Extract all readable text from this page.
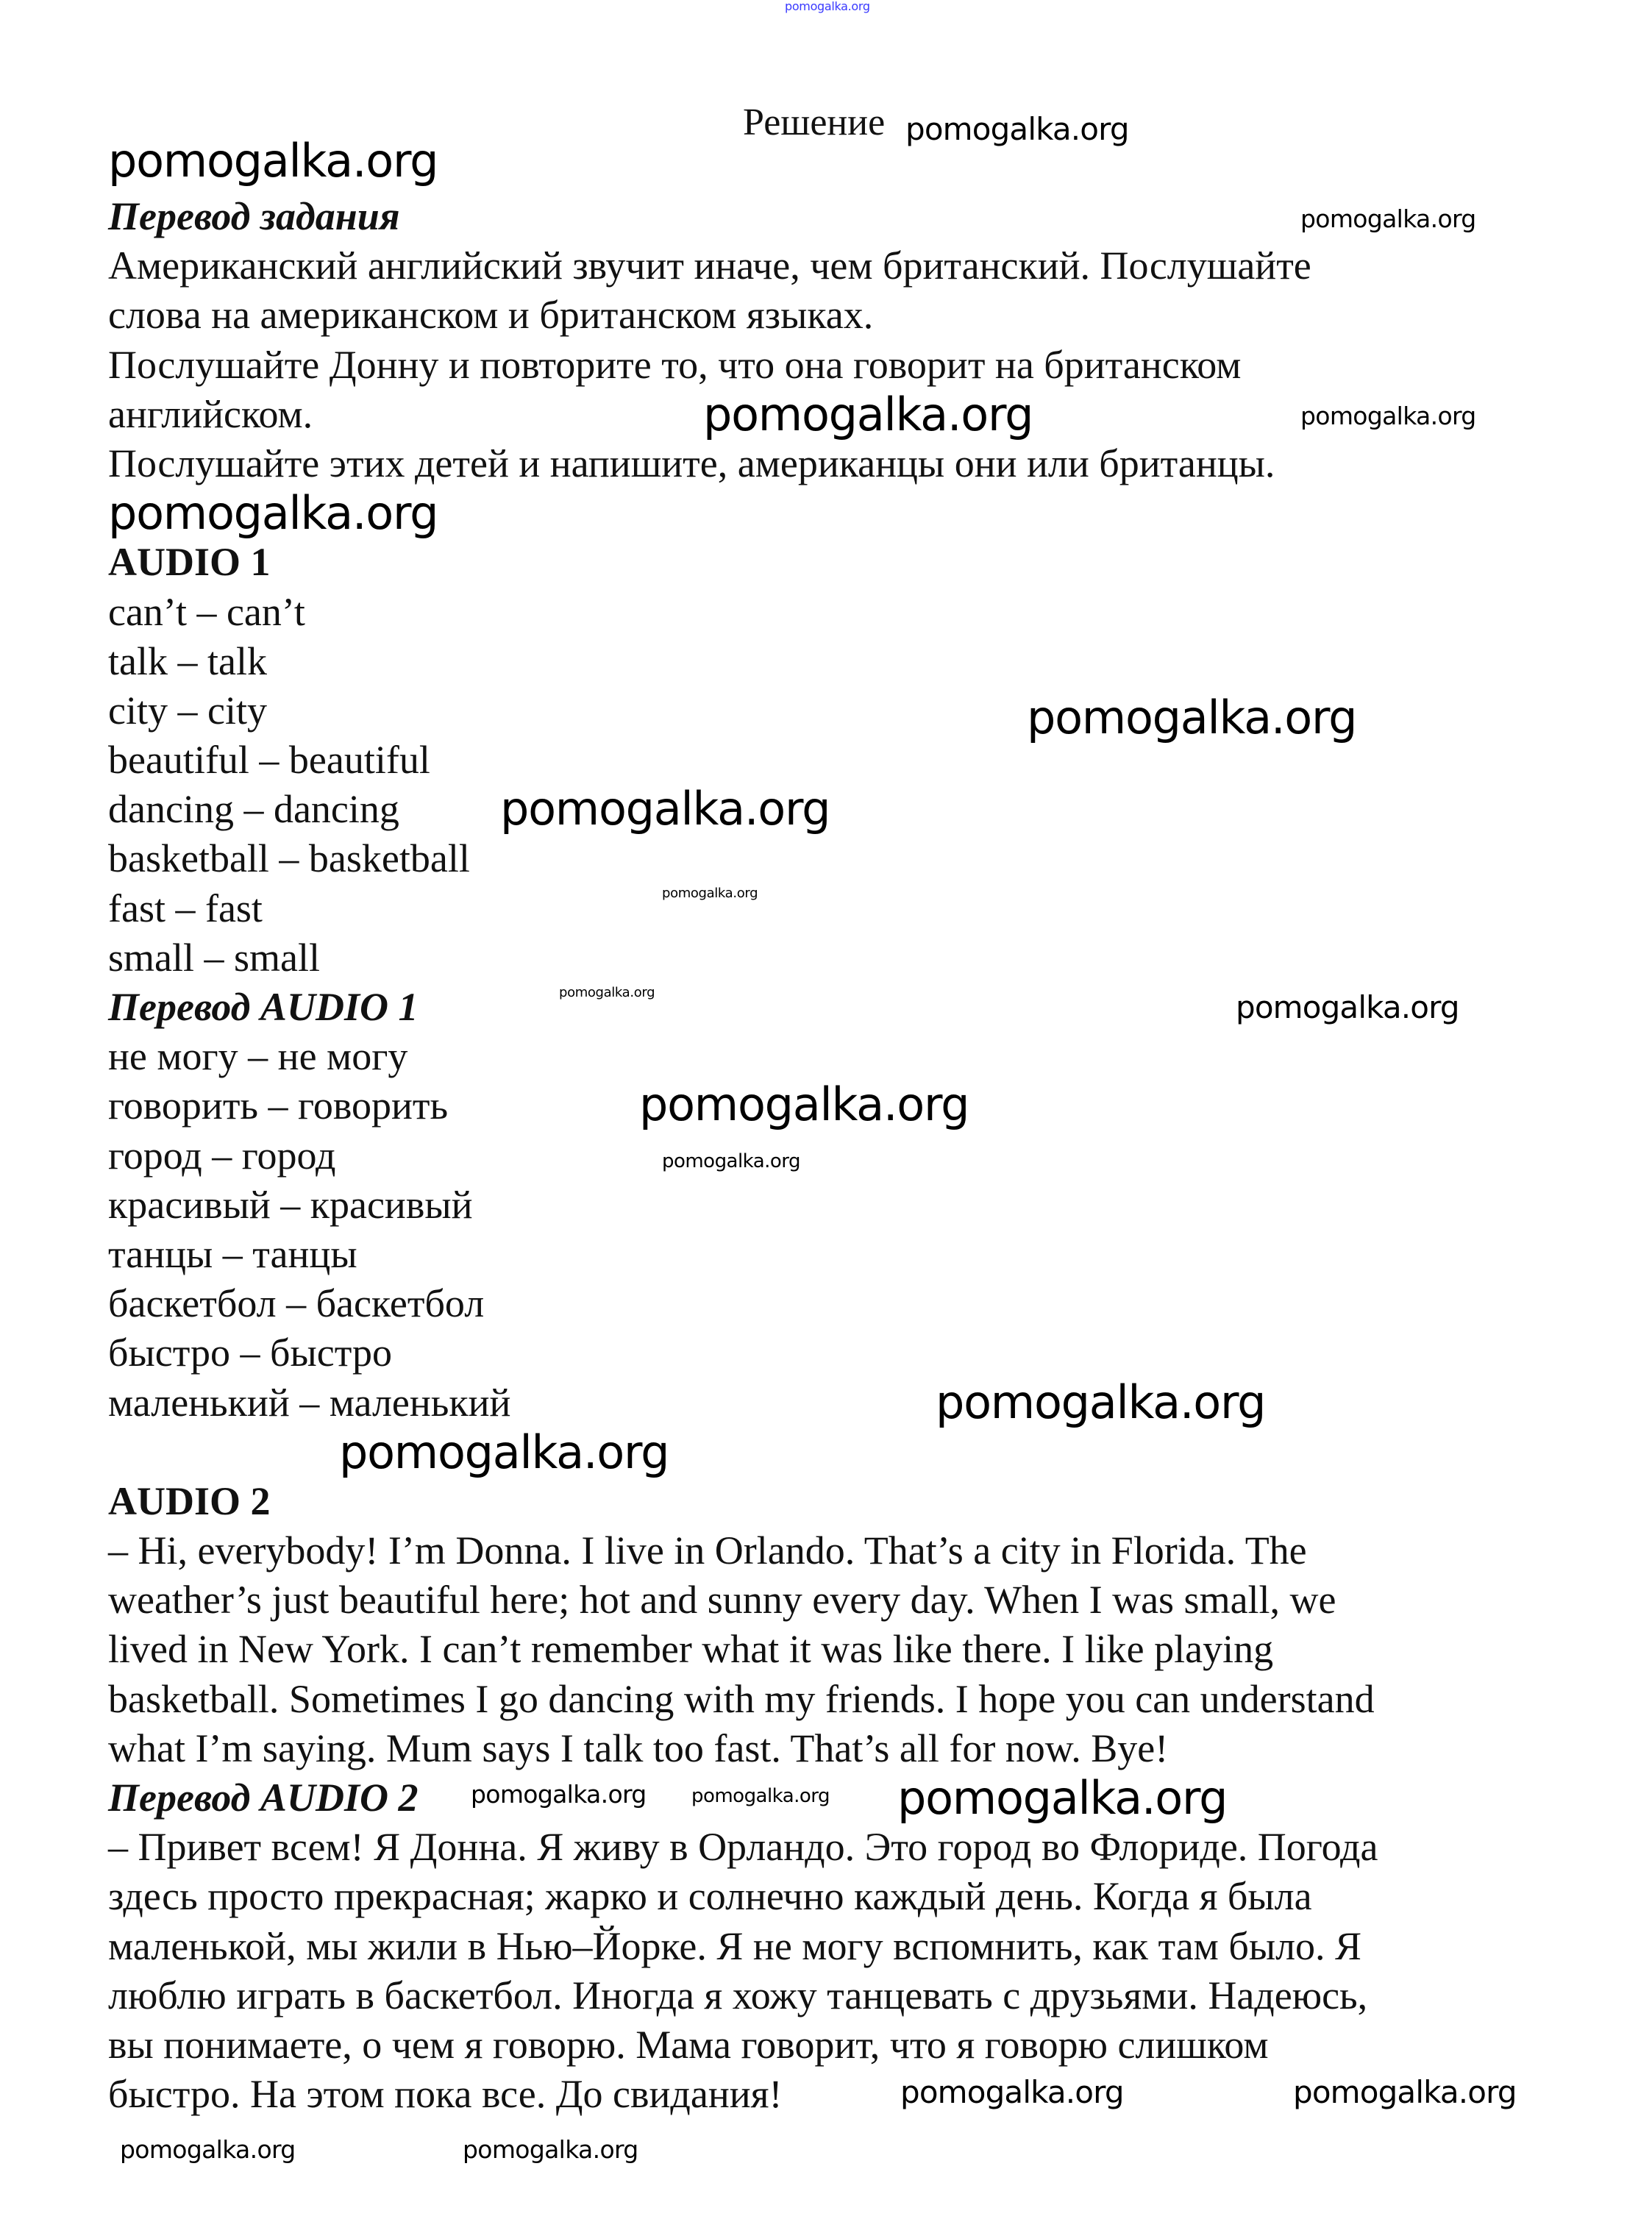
Решение
Перевод задания
Американский английский звучит иначе, чем британский. Послушайте
слова на американском и британском языках.
Послушайте Донну и повторите то, что она говорит на британском
английском.
Послушайте этих детей и напишите, американцы они или британцы.
AUDIO 1
can’t – can’t
talk – talk
city – city
beautiful – beautiful
dancing – dancing
basketball – basketball
fast – fast
small – small
Перевод AUDIO 1
не могу – не могу
говорить – говорить
город – город
красивый – красивый
танцы – танцы
баскетбол – баскетбол
быстро – быстро
маленький – маленький
AUDIO 2
– Hi, everybody! I’m Donna. I live in Orlando. That’s a city in Florida. The
weather’s just beautiful here; hot and sunny every day. When I was small, we
lived in New York. I can’t remember what it was like there. I like playing
basketball. Sometimes I go dancing with my friends. I hope you can understand
what I’m saying. Mum says I talk too fast. That’s all for now. Bye!
Перевод AUDIO 2
– Привет всем! Я Донна. Я живу в Орландо. Это город во Флориде. Погода
здесь просто прекрасная; жарко и солнечно каждый день. Когда я была
маленькой, мы жили в Нью–Йорке. Я не могу вспомнить, как там было. Я
люблю играть в баскетбол. Иногда я хожу танцевать с друзьями. Надеюсь,
вы понимаете, о чем я говорю. Мама говорит, что я говорю слишком
быстро. На этом пока все. До свидания!
pomogalka.org
pomogalka.org
pomogalka.org
pomogalka.org
pomogalka.org	pomogalka.org
pomogalka.org
pomogalka.org
pomogalka.org
pomogalka.org
pomogalka.org	pomogalka.org
pomogalka.org
pomogalka.org
pomogalka.org
pomogalka.org
pomogalka.org	pomogalka.org
pomogalka.org
pomogalka.org	pomogalka.org
pomogalka.org	pomogalka.org
